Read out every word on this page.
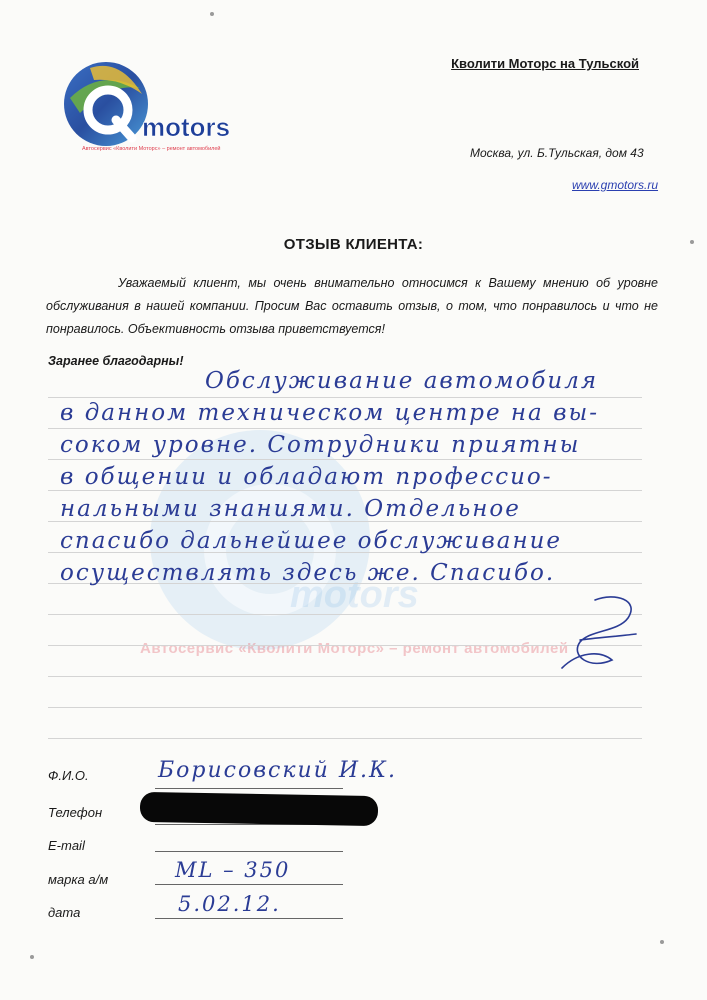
motors
Автосервис «Кволити Моторс» – ремонт автомобилей
Кволити Моторс на Тульской
Москва, ул. Б.Тульская, дом 43
www.gmotors.ru
ОТЗЫВ КЛИЕНТА:
Уважаемый клиент, мы очень внимательно относимся к Вашему мнению об уровне обслуживания в нашей компании. Просим Вас оставить отзыв, о том, что понравилось и что не понравилось. Объективность отзыва приветствуется!
Заранее благодарны!
motors
Автосервис «Кволити Моторс» – ремонт автомобилей
Обслуживание автомобиля
в данном техническом центре на вы-
соком уровне. Сотрудники приятны
в общении и обладают профессио-
нальными знаниями. Отдельное
спасибо дальнейшее обслуживание
осуществлять здесь же. Спасибо.
Ф.И.О.	Борисовский И.К.
Телефон
E-mail
марка а/м	ML – 350
дата	5.02.12.
